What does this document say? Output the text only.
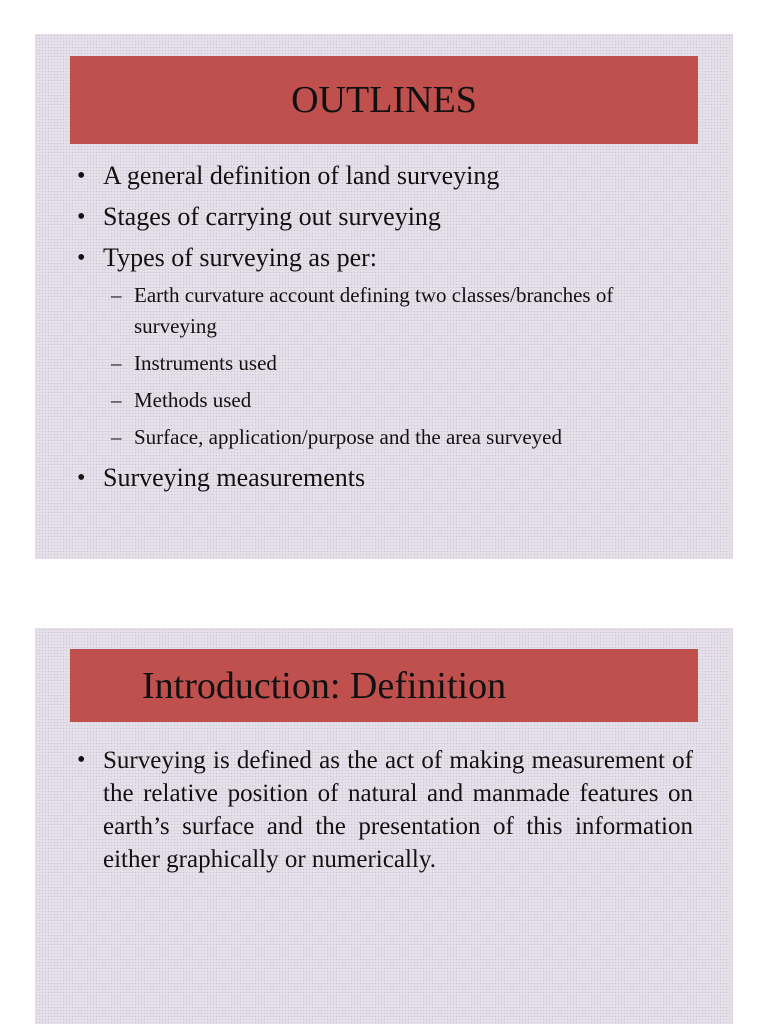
OUTLINES
• A general definition of land surveying
• Stages of carrying out surveying
• Types of surveying as per:
– Earth curvature account defining two classes/branches of surveying
– Instruments used
– Methods used
– Surface, application/purpose and the area surveyed
• Surveying measurements
Introduction: Definition
• Surveying is defined as the act of making measurement of the relative position of natural and manmade features on earth’s surface and the presentation of this information either graphically or numerically.
